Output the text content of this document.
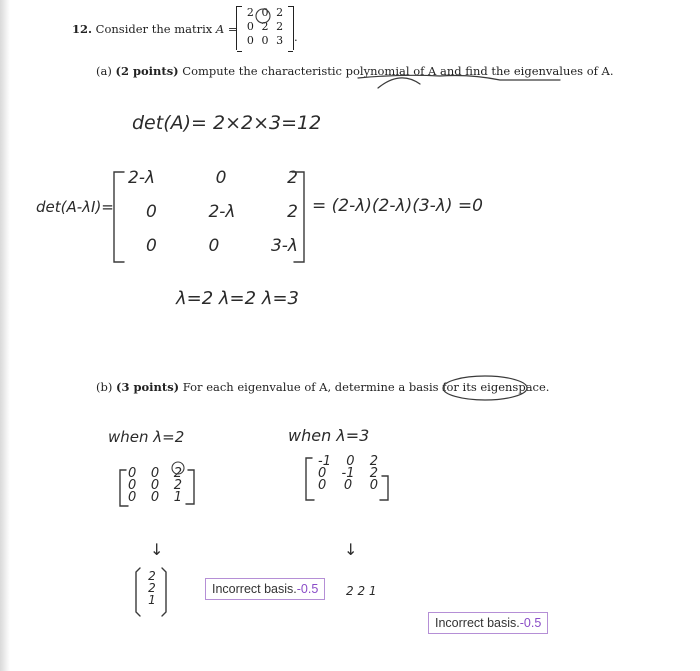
12. Consider the matrix A =
2 0 2
0 2 2
0 0 3 .
(a) (2 points) Compute the characteristic polynomial of A and find the eigenvalues of A.
det(A)= 2×2×3=12
det(A-λI)=
2-λ	0	2
0	2-λ	2
0	0	3-λ
= (2-λ)(2-λ)(3-λ) =0
λ=2 λ=2 λ=3
(b) (3 points) For each eigenvalue of A, determine a basis for its eigenspace.
when λ=2	when λ=3
0 0 2
0 0 2
0 0 1
-1 0 2
0 -1 2
0 0 0
↓	↓
2
2
1
2 2 1
Incorrect basis.-0.5
Incorrect basis.-0.5
